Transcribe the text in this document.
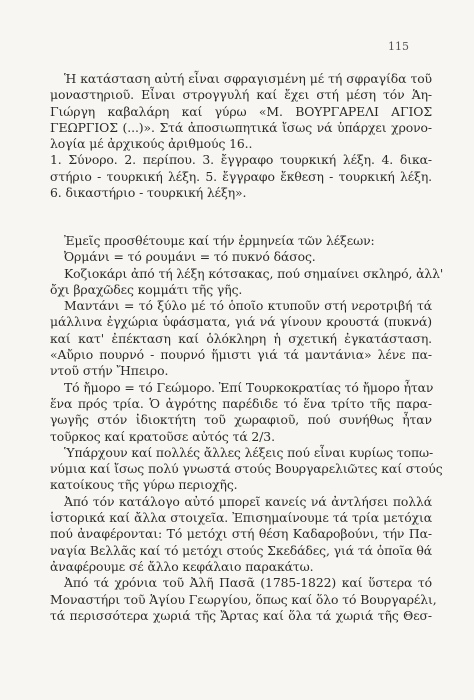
115
Ἡ κατάσταση αὐτή εἶναι σφραγισμένη μέ τή σφραγίδα τοῦ
μοναστηριοῦ. Εἶναι στρογγυλή καί ἔχει στή μέση τόν Ἁη-
Γιώργη καβαλάρη καί γύρω «Μ. ΒΟΥΡΓΑΡΕΛΙ ΑΓΙΟΣ
ΓΕΩΡΓΙΟΣ (...)». Στά ἀποσιωπητικά ἴσως νά ὑπάρχει χρονο-
λογία μέ ἀρχικούς ἀριθμούς 16..
1. Σύνορο. 2. περίπου. 3. ἔγγραφο τουρκική λέξη. 4. δικα-
στήριο - τουρκική λέξη. 5. ἔγγραφο ἔκθεση - τουρκική λέξη.
6. δικαστήριο - τουρκική λέξη».
Ἐμεῖς προσθέτουμε καί τήν ἑρμηνεία τῶν λέξεων:
Ὀρμάνι = τό ρουμάνι = τό πυκνό δάσος.
Κοζιοκάρι ἀπό τή λέξη κότσακας, πού σημαίνει σκληρό, ἀλλ'
ὄχι βραχῶδες κομμάτι τῆς γῆς.
Μαντάνι = τό ξύλο μέ τό ὁποῖο κτυποῦν στή νεροτριβή τά
μάλλινα ἐγχώρια ὑφάσματα, γιά νά γίνουν κρουστά (πυκνά)
καί κατ' ἐπέκταση καί ὁλόκληρη ἡ σχετική ἐγκατάσταση.
«Αὔριο πουρνό - πουρνό ἥμιστι γιά τά μαντάνια» λένε πα-
ντοῦ στήν Ἤπειρο.
Τό ἤμορο = τό Γεώμορο. Ἐπί Τουρκοκρατίας τό ἤμορο ἦταν
ἕνα πρός τρία. Ὁ ἀγρότης παρέδιδε τό ἕνα τρίτο τῆς παρα-
γωγῆς στόν ἰδιοκτήτη τοῦ χωραφιοῦ, πού συνήθως ἦταν
τοῦρκος καί κρατοῦσε αὐτός τά 2/3.
Ὑπάρχουν καί πολλές ἄλλες λέξεις πού εἶναι κυρίως τοπω-
νύμια καί ἴσως πολύ γνωστά στούς Βουργαρελιῶτες καί στούς
κατοίκους τῆς γύρω περιοχῆς.
Ἀπό τόν κατάλογο αὐτό μπορεῖ κανείς νά ἀντλήσει πολλά
ἱστορικά καί ἄλλα στοιχεῖα. Ἐπισημαίνουμε τά τρία μετόχια
πού ἀναφέρονται: Τό μετόχι στή θέση Καδαροβούνι, τήν Πα-
ναγία Βελλᾶς καί τό μετόχι στούς Σκεδάδες, γιά τά ὁποῖα θά
ἀναφέρουμε σέ ἄλλο κεφάλαιο παρακάτω.
Ἀπό τά χρόνια τοῦ Ἀλῆ Πασᾶ (1785-1822) καί ὕστερα τό
Μοναστήρι τοῦ Ἁγίου Γεωργίου, ὅπως καί ὅλο τό Βουργαρέλι,
τά περισσότερα χωριά τῆς Ἄρτας καί ὅλα τά χωριά τῆς Θεσ-
